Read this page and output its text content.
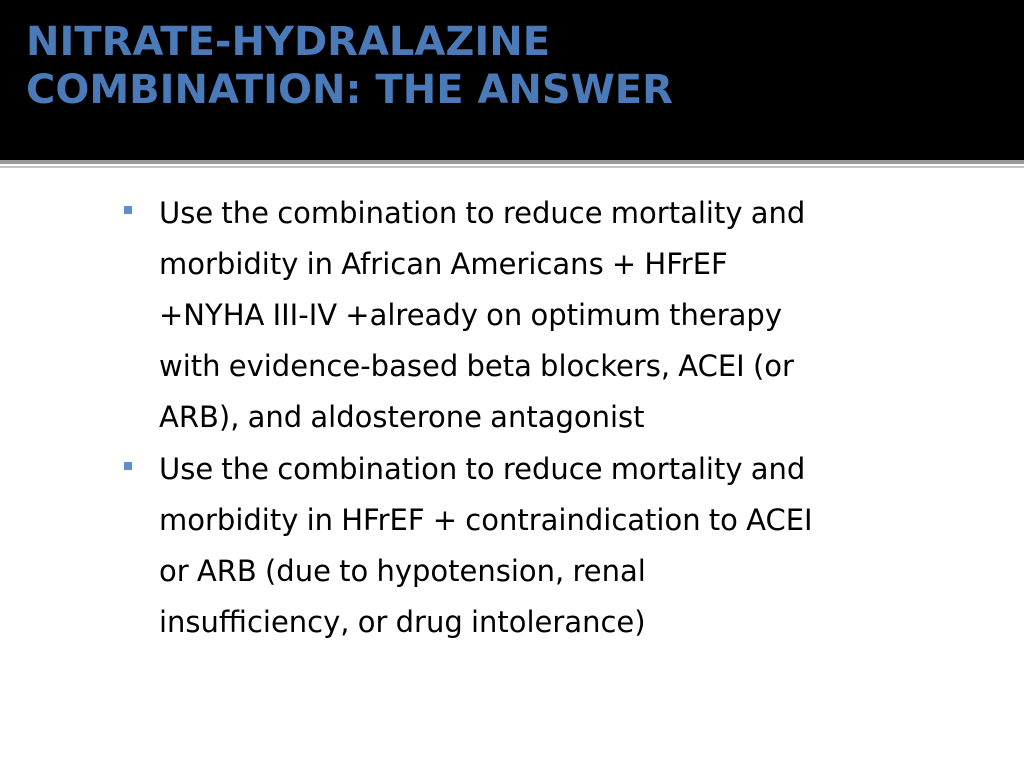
NITRATE-HYDRALAZINE
COMBINATION: THE ANSWER
Use the combination to reduce mortality and
morbidity in African Americans + HFrEF
+NYHA III-IV +already on optimum therapy
with evidence-based beta blockers, ACEI (or
ARB), and aldosterone antagonist
Use the combination to reduce mortality and
morbidity in HFrEF + contraindication to ACEI
or ARB (due to hypotension, renal
insufficiency, or drug intolerance)
